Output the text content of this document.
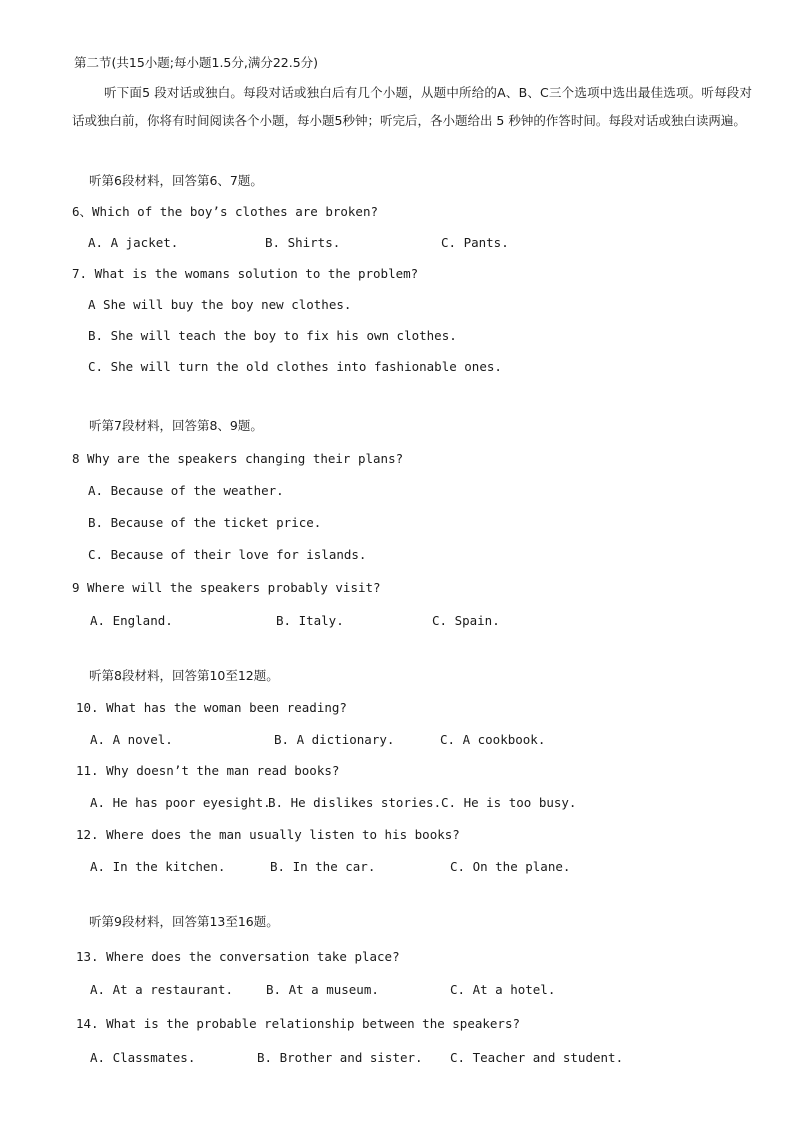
第二节(共15小题;每小题1.5分,满分22.5分)
听下面5 段对话或独白。每段对话或独白后有几个小题，从题中所给的A、B、C三个选项中选出最佳选项。听每段对话或独白前，你将有时间阅读各个小题，每小题5秒钟；听完后，各小题给出 5 秒钟的作答时间。每段对话或独白读两遍。
听第6段材料，回答第6、7题。
6、Which of the boy’s clothes are broken?
A. A jacket.	B. Shirts.	C. Pants.
7. What is the womans solution to the problem?
A She will buy the boy new clothes.
B. She will teach the boy to fix his own clothes.
C. She will turn the old clothes into fashionable ones.
听第7段材料，回答第8、9题。
8 Why are the speakers changing their plans?
A. Because of the weather.
B. Because of the ticket price.
C. Because of their love for islands.
9 Where will the speakers probably visit?
A. England.	B. Italy.	C. Spain.
听第8段材料，回答第10至12题。
10. What has the woman been reading?
A. A novel.	B. A dictionary.	C. A cookbook.
11. Why doesn’t the man read books?
A. He has poor eyesight.
B. He dislikes stories. C. He is too busy.
12. Where does the man usually listen to his books?
A. In the kitchen.	B. In the car.	C. On the plane.
听第9段材料，回答第13至16题。
13. Where does the conversation take place?
A. At a restaurant.	B. At a museum.	C. At a hotel.
14. What is the probable relationship between the speakers?
A. Classmates.	B. Brother and sister. C. Teacher and student.
